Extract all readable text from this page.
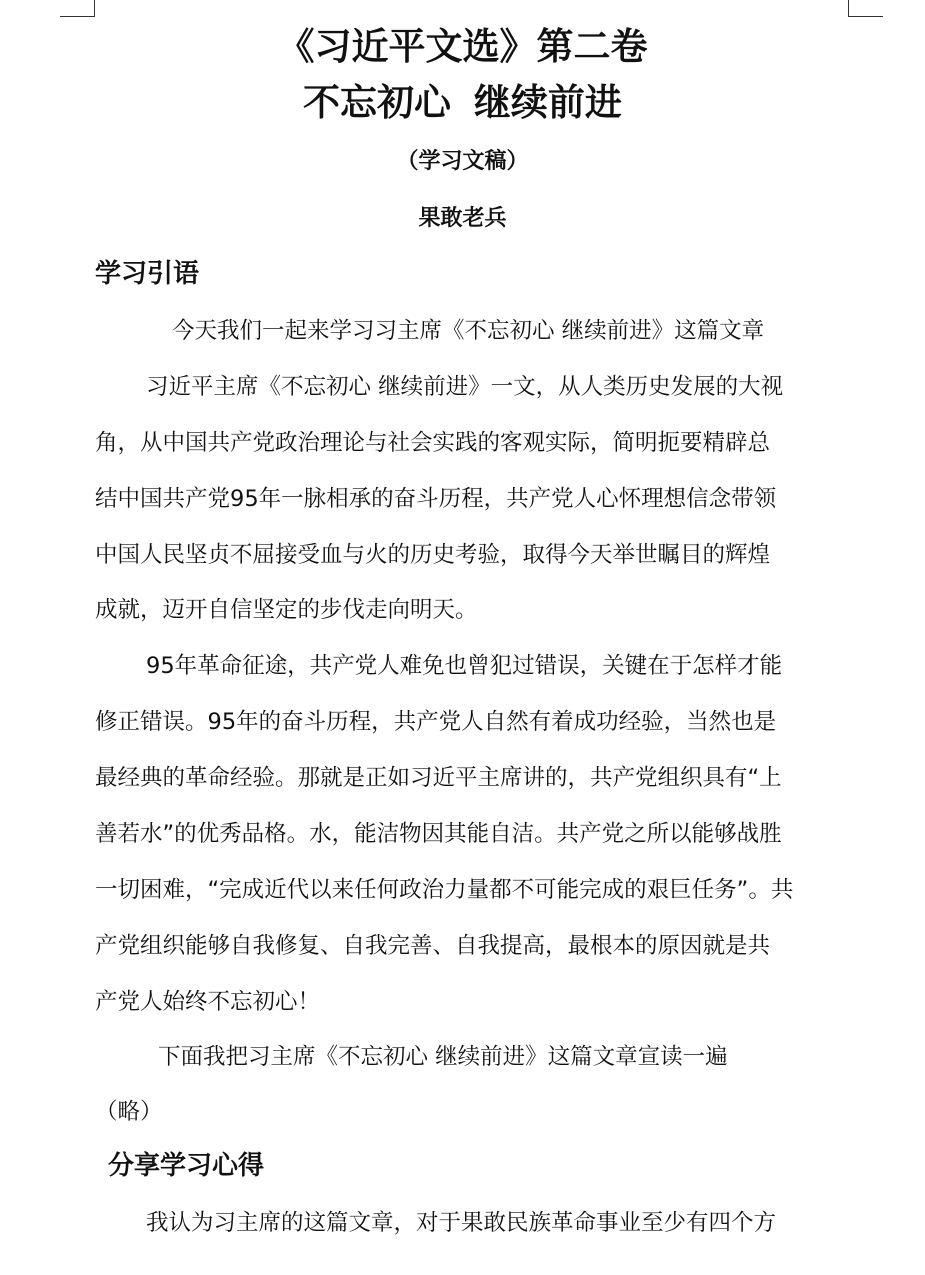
《习近平文选》第二卷
不忘初心 继续前进
（学习文稿）
果敢老兵
学习引语
今天我们一起来学习习主席《不忘初心 继续前进》这篇文章
习近平主席《不忘初心 继续前进》一文，从人类历史发展的大视
角，从中国共产党政治理论与社会实践的客观实际，简明扼要精辟总
结中国共产党95年一脉相承的奋斗历程，共产党人心怀理想信念带领
中国人民坚贞不屈接受血与火的历史考验，取得今天举世瞩目的辉煌
成就，迈开自信坚定的步伐走向明天。
95年革命征途，共产党人难免也曾犯过错误，关键在于怎样才能
修正错误。95年的奋斗历程，共产党人自然有着成功经验，当然也是
最经典的革命经验。那就是正如习近平主席讲的，共产党组织具有“上
善若水”的优秀品格。水，能洁物因其能自洁。共产党之所以能够战胜
一切困难，“完成近代以来任何政治力量都不可能完成的艰巨任务”。共
产党组织能够自我修复、自我完善、自我提高，最根本的原因就是共
产党人始终不忘初心！
下面我把习主席《不忘初心 继续前进》这篇文章宣读一遍
（略）
分享学习心得
我认为习主席的这篇文章，对于果敢民族革命事业至少有四个方
